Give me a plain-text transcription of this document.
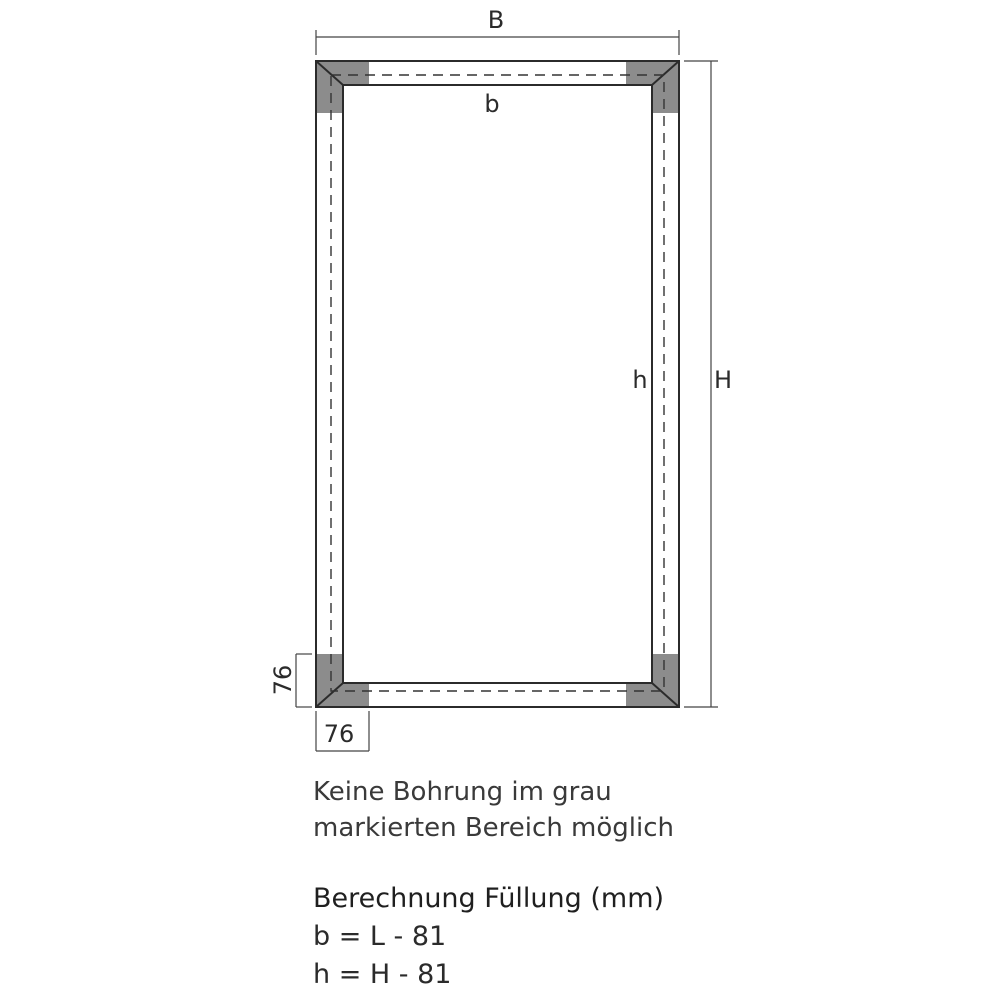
B
H
b
h
76
76

Keine Bohrung im grau

markierten Bereich möglich

Berechnung Füllung (mm)
b = L - 81
h = H - 81
